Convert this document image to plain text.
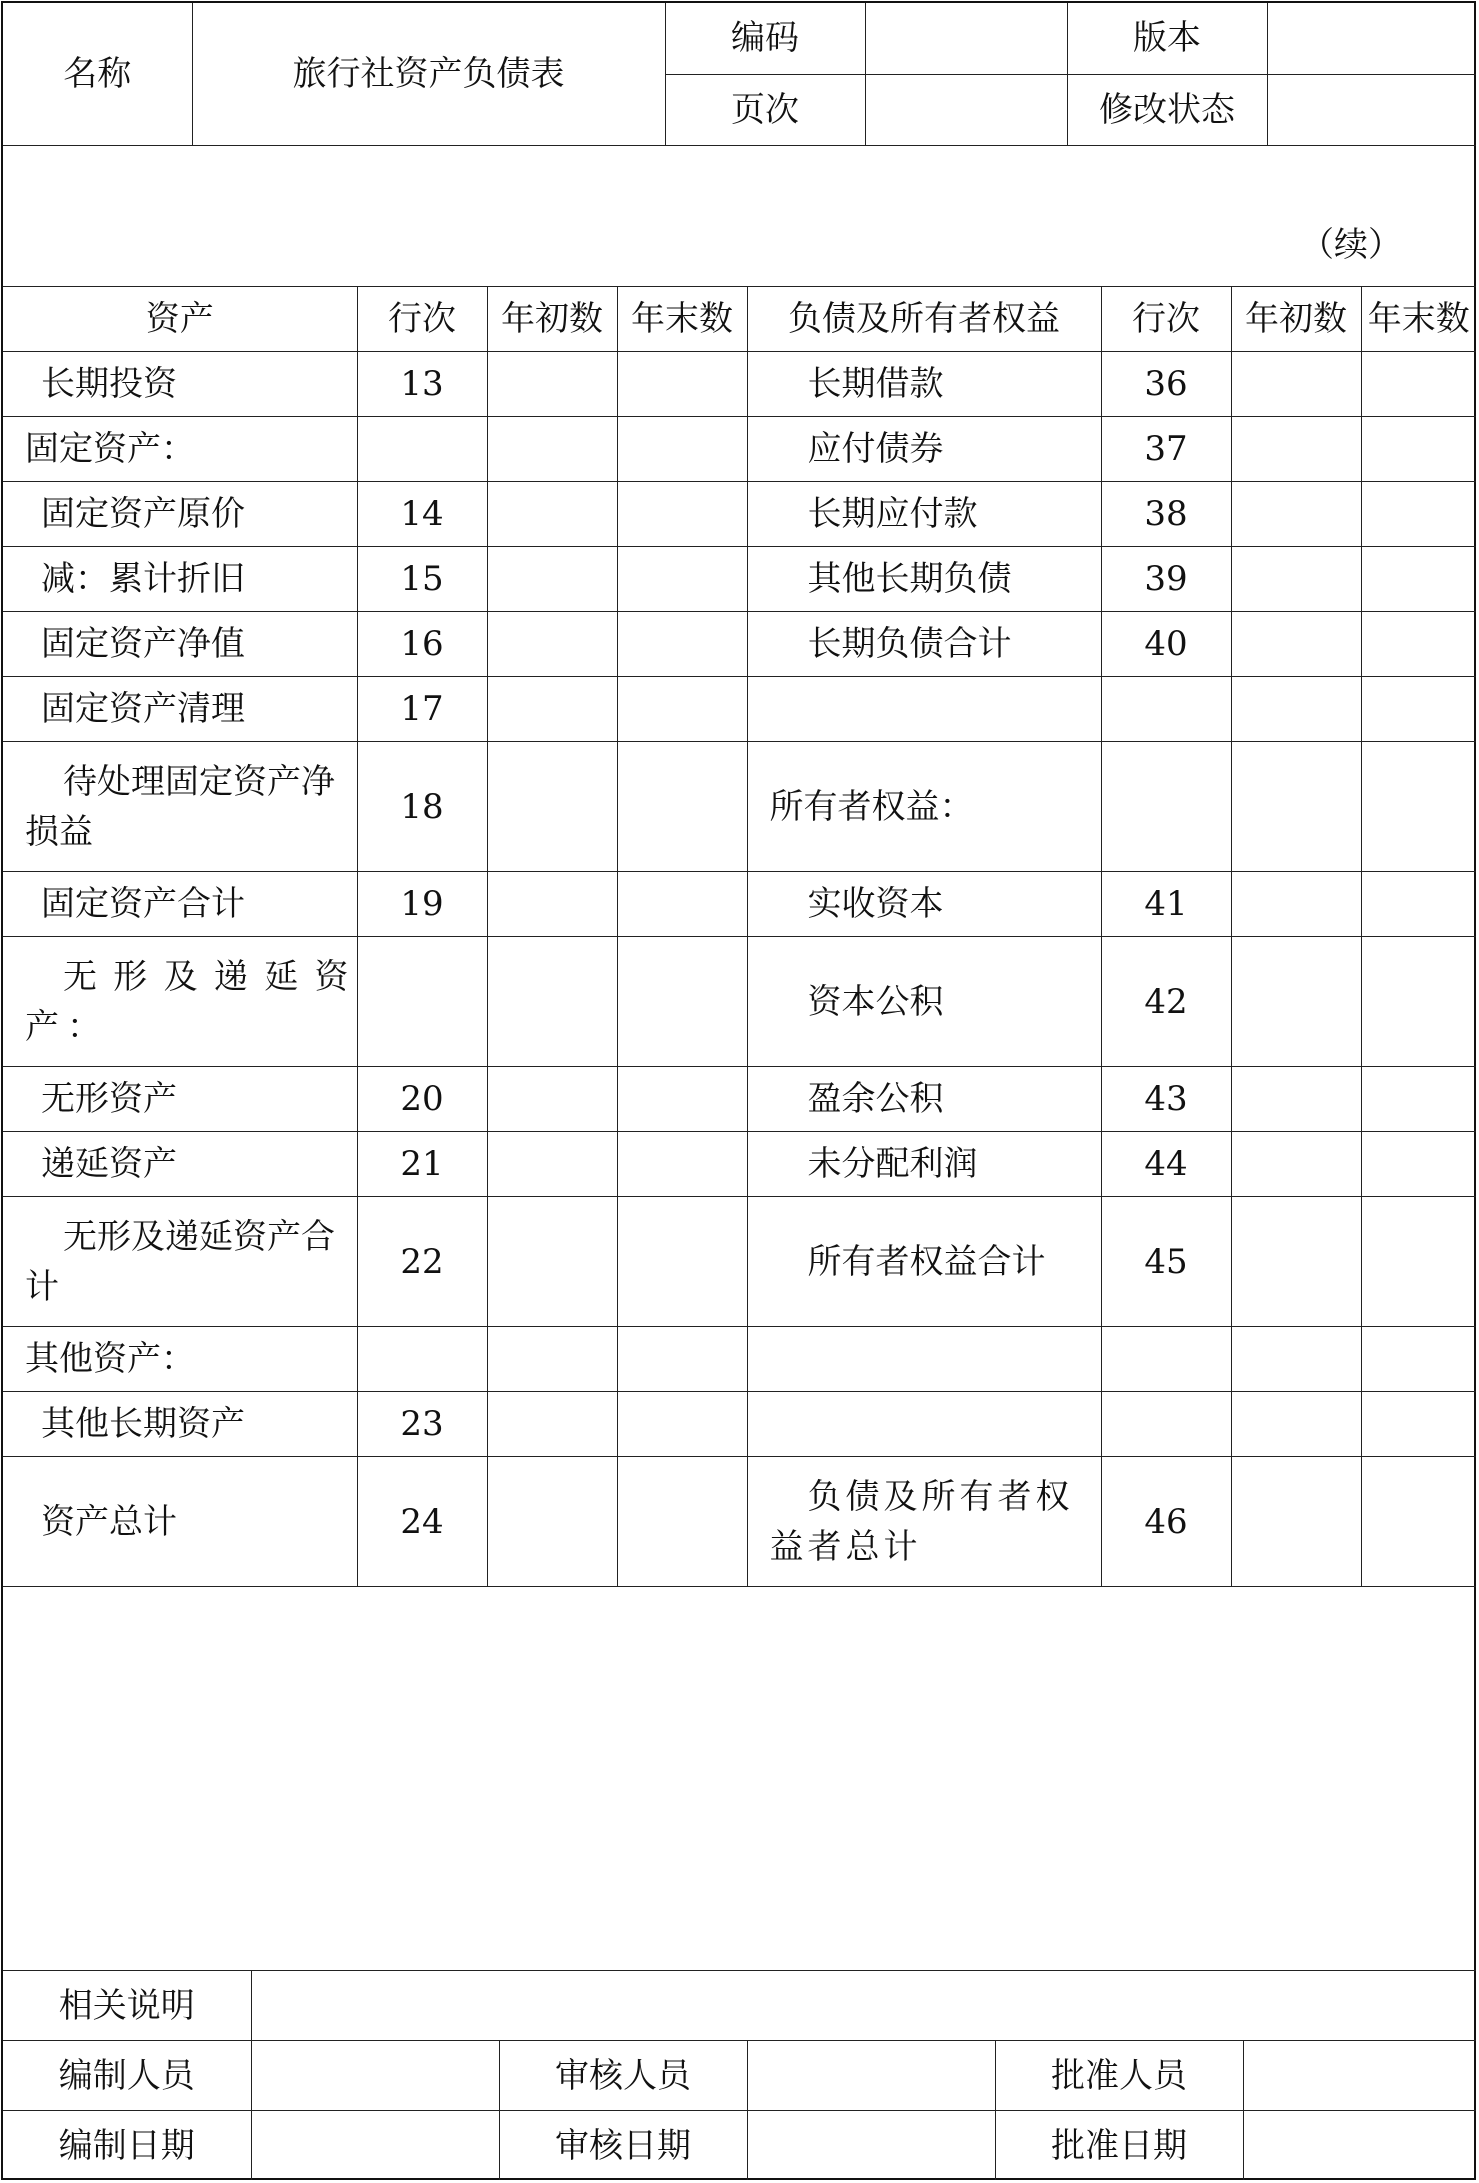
名称	旅行社资产负债表	编码		版本	
		页次		修改状态	
（续）
资产	行次	年初数	年末数	负债及所有者权益	行次	年初数	年末数
长期投资	13			长期借款	36		
固定资产：				应付债券	37		
固定资产原价	14			长期应付款	38		
减：累计折旧	15			其他长期负债	39		
固定资产净值	16			长期负债合计	40		
固定资产清理	17						
待处理固定资产净损益	18			所有者权益：			
固定资产合计	19			实收资本	41		
无形及递延资产：				资本公积	42		
无形资产	20			盈余公积	43		
递延资产	21			未分配利润	44		
无形及递延资产合计	22			所有者权益合计	45		
其他资产：							
其他长期资产	23						
资产总计	24			负债及所有者权益者总计	46		
相关说明					
编制人员		审核人员		批准人员	
编制日期		审核日期		批准日期	
